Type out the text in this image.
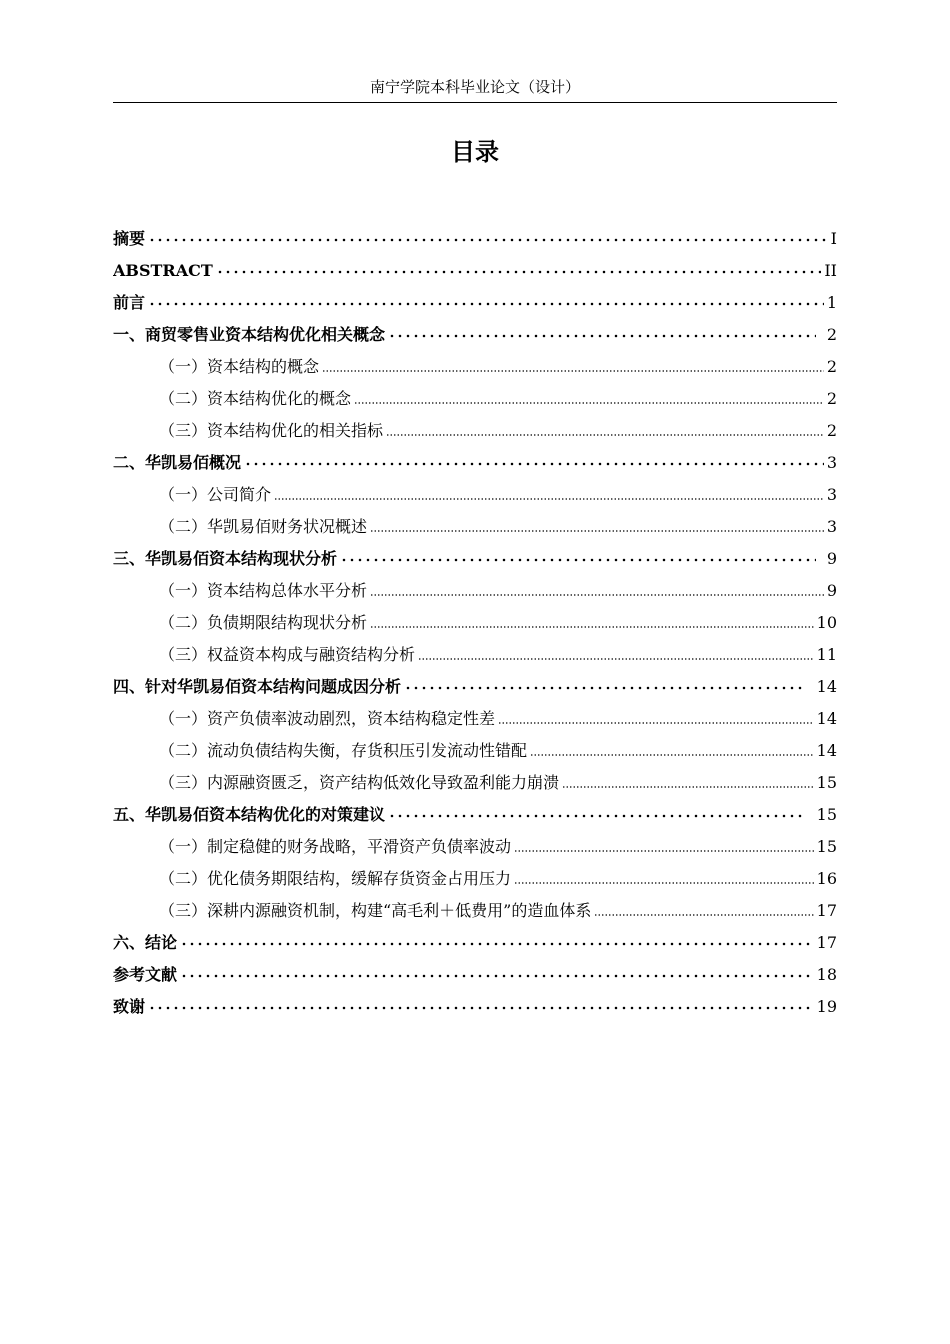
南宁学院本科毕业论文（设计）
目录
摘要	I
ABSTRACT	II
前言	1
一、商贸零售业资本结构优化相关概念	2
（一）资本结构的概念	2
（二）资本结构优化的概念	2
（三）资本结构优化的相关指标	2
二、华凯易佰概况	3
（一）公司简介	3
（二）华凯易佰财务状况概述	3
三、华凯易佰资本结构现状分析	9
（一）资本结构总体水平分析	9
（二）负债期限结构现状分析	10
（三）权益资本构成与融资结构分析	11
四、针对华凯易佰资本结构问题成因分析	14
（一）资产负债率波动剧烈，资本结构稳定性差	14
（二）流动负债结构失衡，存货积压引发流动性错配	14
（三）内源融资匮乏，资产结构低效化导致盈利能力崩溃	15
五、华凯易佰资本结构优化的对策建议	15
（一）制定稳健的财务战略，平滑资产负债率波动	15
（二）优化债务期限结构，缓解存货资金占用压力	16
（三）深耕内源融资机制，构建“高毛利＋低费用”的造血体系	17
六、结论	17
参考文献	18
致谢	19
